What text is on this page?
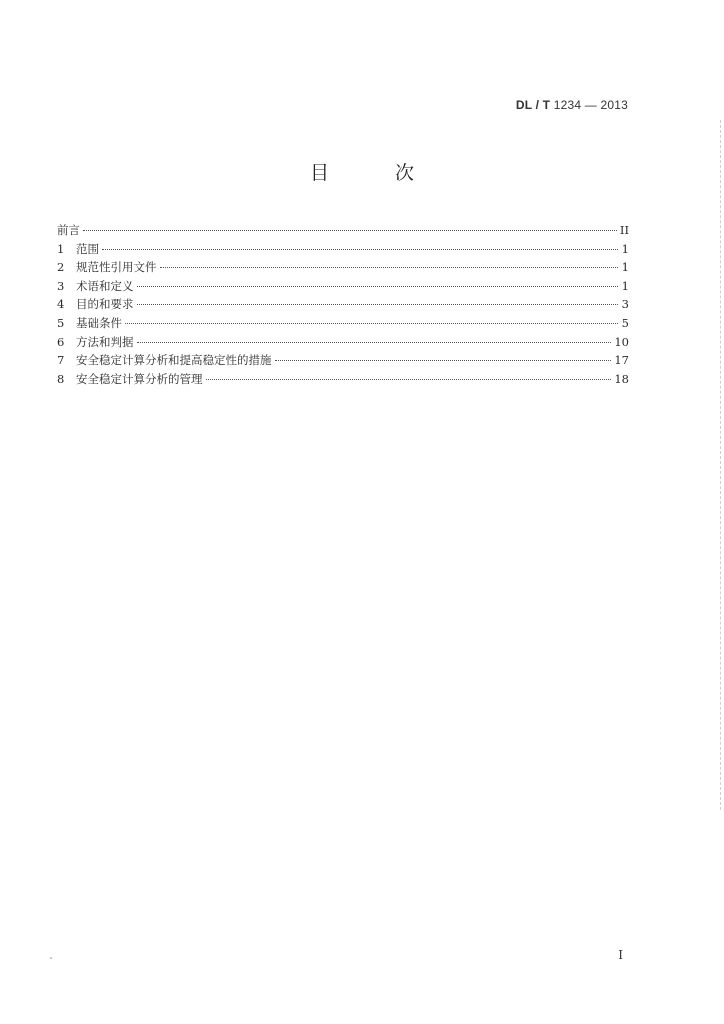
DL / T 1234 — 2013
目 次
前言	II
1	范围	1
2	规范性引用文件	1
3	术语和定义	1
4	目的和要求	3
5	基础条件	5
6	方法和判据	10
7	安全稳定计算分析和提高稳定性的措施	17
8	安全稳定计算分析的管理	18
I
